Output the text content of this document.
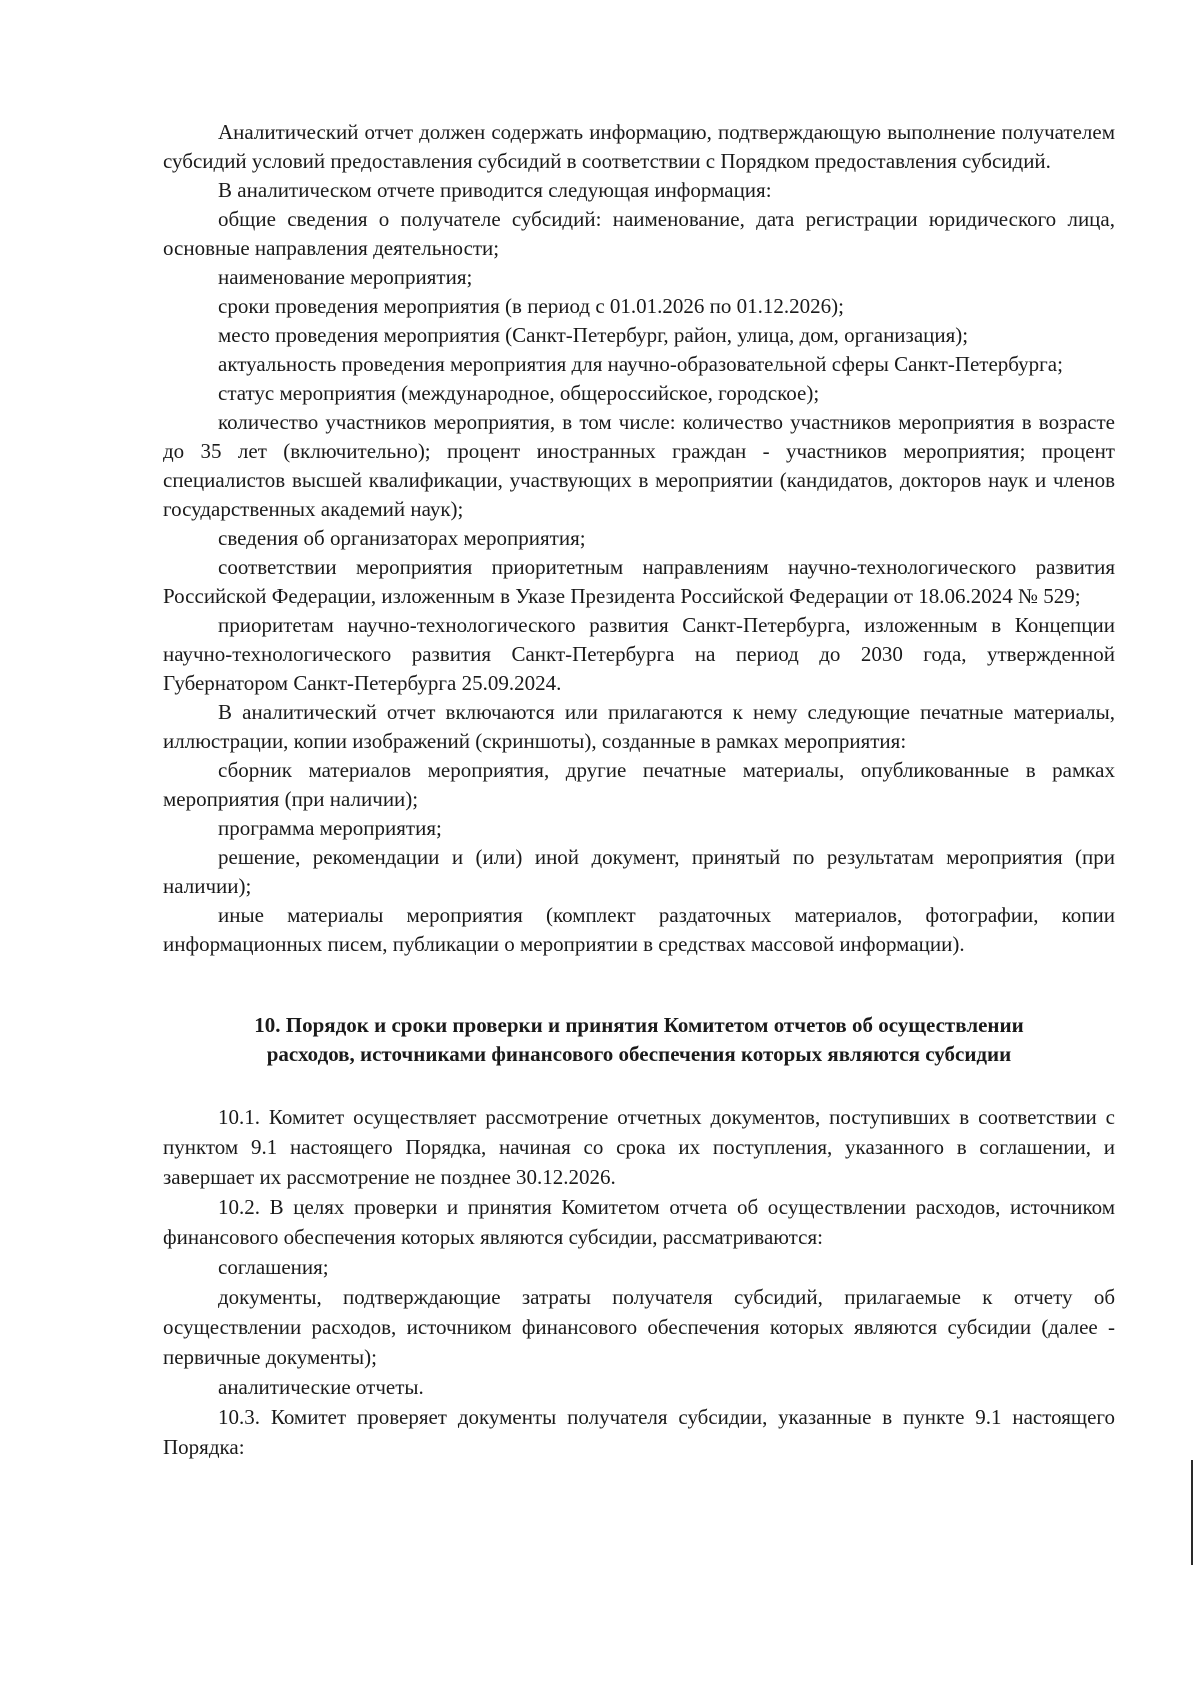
Аналитический отчет должен содержать информацию, подтверждающую выполнение получателем субсидий условий предоставления субсидий в соответствии с Порядком предоставления субсидий.

В аналитическом отчете приводится следующая информация:

общие сведения о получателе субсидий: наименование, дата регистрации юридического лица, основные направления деятельности;

наименование мероприятия;

сроки проведения мероприятия (в период с 01.01.2026 по 01.12.2026);

место проведения мероприятия (Санкт-Петербург, район, улица, дом, организация);

актуальность проведения мероприятия для научно-образовательной сферы Санкт-Петербурга;

статус мероприятия (международное, общероссийское, городское);

количество участников мероприятия, в том числе: количество участников мероприятия в возрасте до 35 лет (включительно); процент иностранных граждан - участников мероприятия; процент специалистов высшей квалификации, участвующих в мероприятии (кандидатов, докторов наук и членов государственных академий наук);

сведения об организаторах мероприятия;

соответствии мероприятия приоритетным направлениям научно-технологического развития Российской Федерации, изложенным в Указе Президента Российской Федерации от 18.06.2024 № 529;

приоритетам научно-технологического развития Санкт-Петербурга, изложенным в Концепции научно-технологического развития Санкт-Петербурга на период до 2030 года, утвержденной Губернатором Санкт-Петербурга 25.09.2024.

В аналитический отчет включаются или прилагаются к нему следующие печатные материалы, иллюстрации, копии изображений (скриншоты), созданные в рамках мероприятия:

сборник материалов мероприятия, другие печатные материалы, опубликованные в рамках мероприятия (при наличии);

программа мероприятия;

решение, рекомендации и (или) иной документ, принятый по результатам мероприятия (при наличии);

иные материалы мероприятия (комплект раздаточных материалов, фотографии, копии информационных писем, публикации о мероприятии в средствах массовой информации).

10. Порядок и сроки проверки и принятия Комитетом отчетов об осуществлении
расходов, источниками финансового обеспечения которых являются субсидии

10.1. Комитет осуществляет рассмотрение отчетных документов, поступивших в соответствии с пунктом 9.1 настоящего Порядка, начиная со срока их поступления, указанного в соглашении, и завершает их рассмотрение не позднее 30.12.2026.

10.2. В целях проверки и принятия Комитетом отчета об осуществлении расходов, источником финансового обеспечения которых являются субсидии, рассматриваются:

соглашения;

документы, подтверждающие затраты получателя субсидий, прилагаемые к отчету об осуществлении расходов, источником финансового обеспечения которых являются субсидии (далее - первичные документы);

аналитические отчеты.

10.3. Комитет проверяет документы получателя субсидии, указанные в пункте 9.1 настоящего Порядка:
